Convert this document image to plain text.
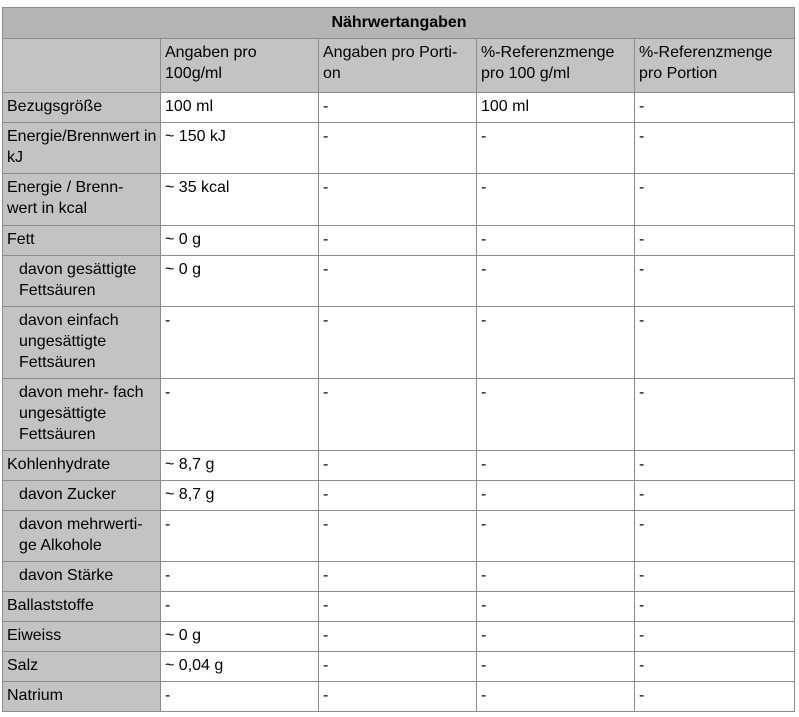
Nährwertangaben				
	Angaben pro 100g/ml	Angaben pro Porti- on	%-Referenzmenge pro 100 g/ml	%-Referenzmenge pro Portion
Bezugsgröße	100 ml	-	100 ml	-
Energie/Brennwert in kJ	~ 150 kJ	-	-	-
Energie / Brenn- wert in kcal	~ 35 kcal	-	-	-
Fett	~ 0 g	-	-	-
davon gesättigte Fettsäuren	~ 0 g	-	-	-
davon einfach ungesättigte Fettsäuren	-	-	-	-
davon mehr- fach ungesättigte Fettsäuren	-	-	-	-
Kohlenhydrate	~ 8,7 g	-	-	-
davon Zucker	~ 8,7 g	-	-	-
davon mehrwerti- ge Alkohole	-	-	-	-
davon Stärke	-	-	-	-
Ballaststoffe	-	-	-	-
Eiweiss	~ 0 g	-	-	-
Salz	~ 0,04 g	-	-	-
Natrium	-	-	-	-
